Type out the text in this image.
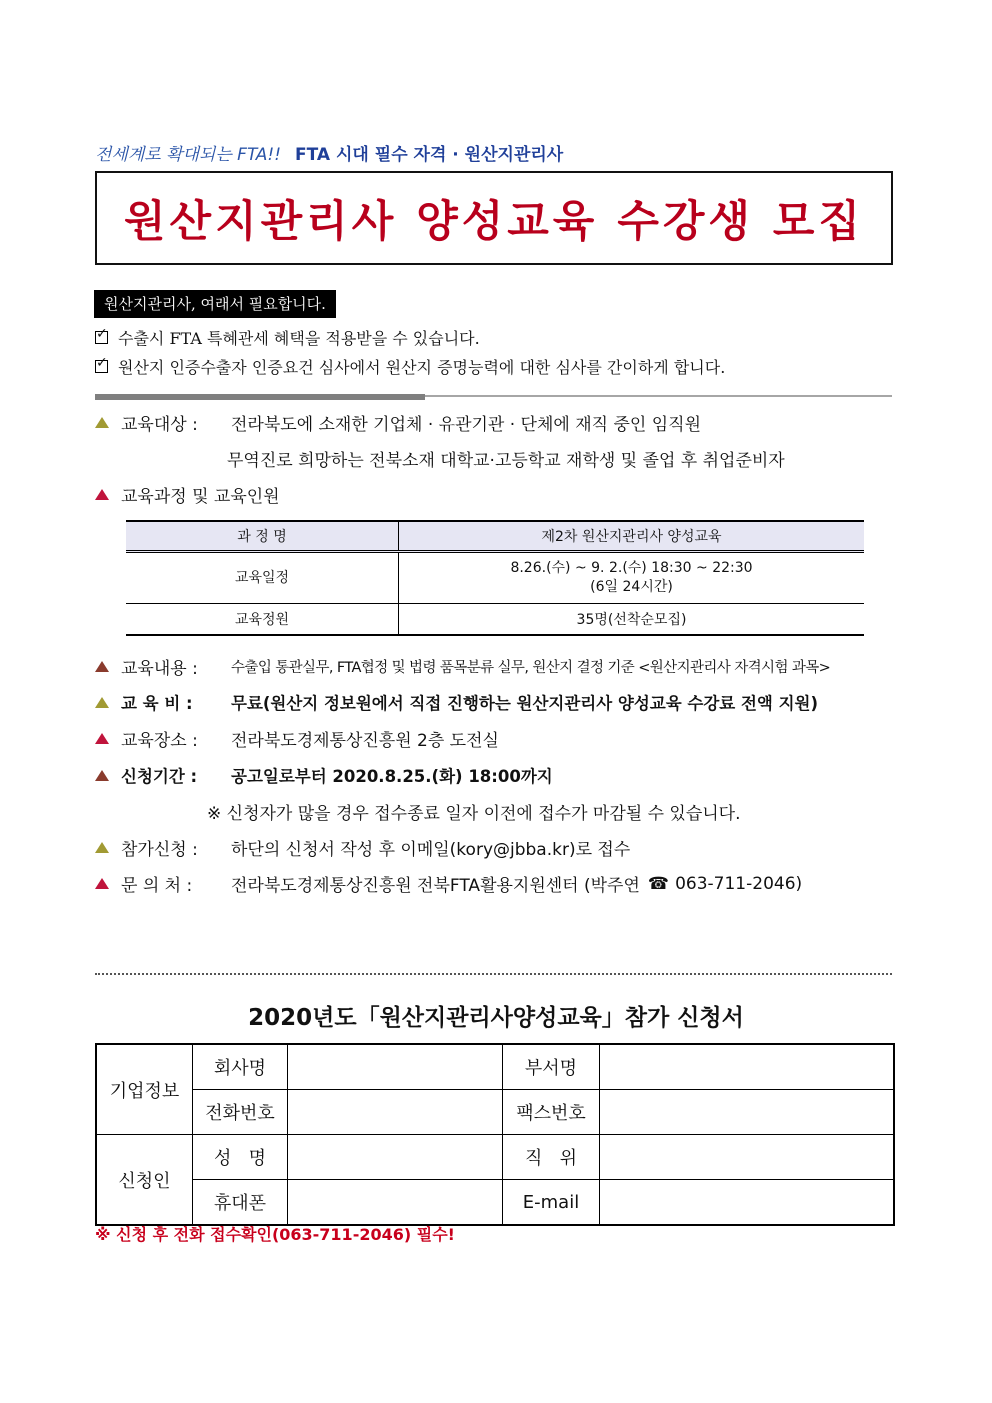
전세계로 확대되는 FTA!! FTA 시대 필수 자격 · 원산지관리사
원산지관리사 양성교육 수강생 모집
원산지관리사, 여래서 필요합니다.
✓
수출시 FTA 특혜관세 혜택을 적용받을 수 있습니다.
✓
원산지 인증수출자 인증요건 심사에서 원산지 증명능력에 대한 심사를 간이하게 합니다.
교육대상 :	전라북도에 소재한 기업체 · 유관기관 · 단체에 재직 중인 임직원
무역진로 희망하는 전북소재 대학교·고등학교 재학생 및 졸업 후 취업준비자
교육과정 및 교육인원
과 정 명	제2차 원산지관리사 양성교육
교육일정	8.26.(수) ~ 9. 2.(수) 18:30 ~ 22:30
(6일 24시간)

교육정원	35명(선착순모집)
교육내용 :	수출입 통관실무, FTA협정 및 법령 품목분류 실무, 원산지 결정 기준 <원산지관리사 자격시험 과목>
교 육 비 :	무료(원산지 정보원에서 직접 진행하는 원산지관리사 양성교육 수강료 전액 지원)
교육장소 :	전라북도경제통상진흥원 2층 도전실
신청기간 :	공고일로부터 2020.8.25.(화) 18:00까지
※ 신청자가 많을 경우 접수종료 일자 이전에 접수가 마감될 수 있습니다.
참가신청 :	하단의 신청서 작성 후 이메일(kory@jbba.kr)로 접수
문 의 처 :	전라북도경제통상진흥원 전북FTA활용지원센터 (박주연 ☎ 063-711-2046)
2020년도「원산지관리사양성교육」참가 신청서
기업정보	회사명		부서명	
	전화번호		팩스번호	
신청인	성   명		직   위	
	휴대폰		E-mail	
※ 신청 후 전화 접수확인(063-711-2046) 필수!
